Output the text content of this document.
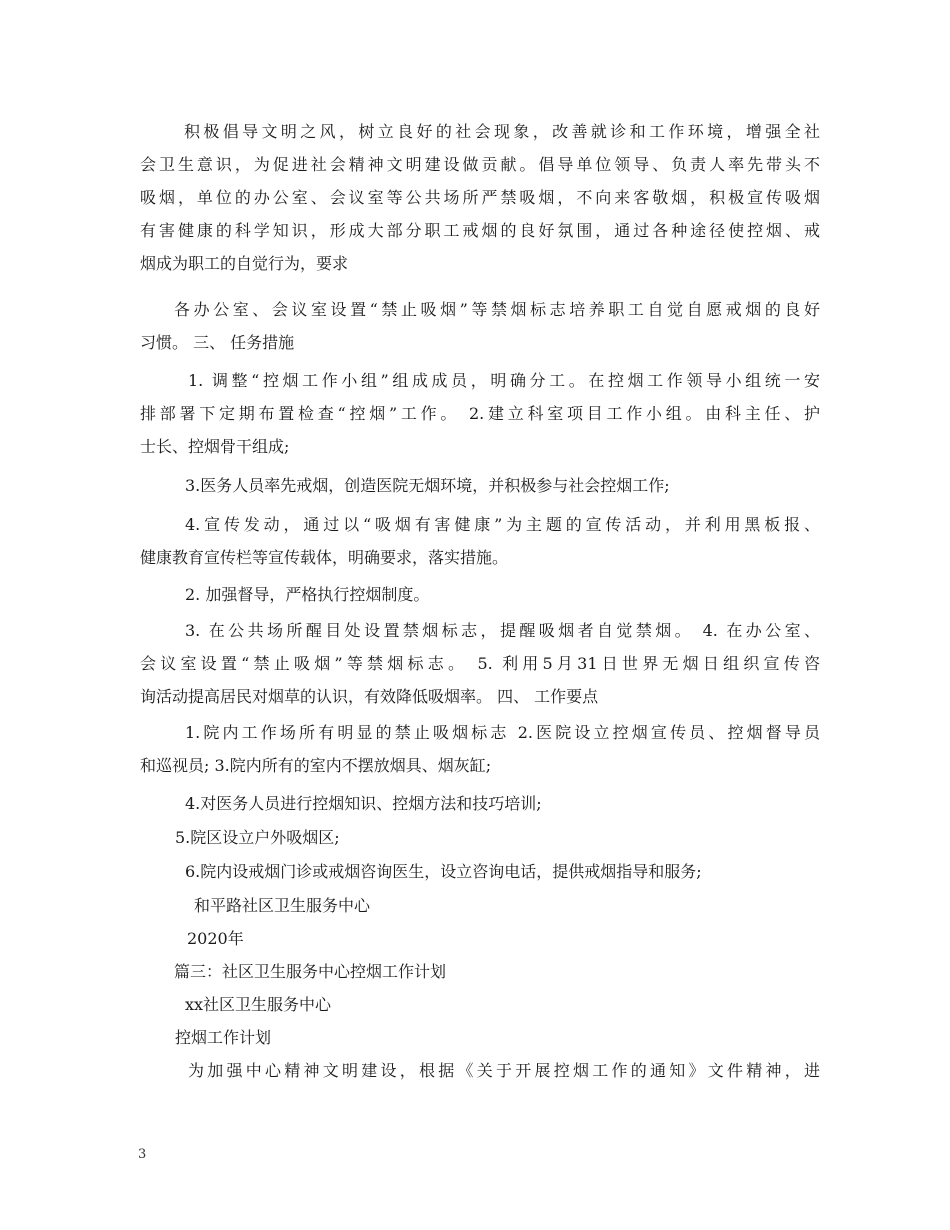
积极倡导文明之风，树立良好的社会现象，改善就诊和工作环境，增强全社
会卫生意识，为促进社会精神文明建设做贡献。倡导单位领导、负责人率先带头不
吸烟，单位的办公室、会议室等公共场所严禁吸烟，不向来客敬烟，积极宣传吸烟
有害健康的科学知识，形成大部分职工戒烟的良好氛围，通过各种途径使控烟、戒
烟成为职工的自觉行为，要求
各办公室、会议室设置“禁止吸烟”等禁烟标志培养职工自觉自愿戒烟的良好
习惯。 三、 任务措施
1. 调整“控烟工作小组”组成成员，明确分工。在控烟工作领导小组统一安
排部署下定期布置检查“控烟”工作。 2.建立科室项目工作小组。由科主任、护
士长、控烟骨干组成;
3.医务人员率先戒烟，创造医院无烟环境，并积极参与社会控烟工作;
4.宣传发动，通过以“吸烟有害健康”为主题的宣传活动，并利用黑板报、
健康教育宣传栏等宣传载体，明确要求，落实措施。
2. 加强督导，严格执行控烟制度。
3. 在公共场所醒目处设置禁烟标志，提醒吸烟者自觉禁烟。 4. 在办公室、
会议室设置“禁止吸烟”等禁烟标志。 5. 利用5月31日世界无烟日组织宣传咨
询活动提高居民对烟草的认识，有效降低吸烟率。 四、 工作要点
1.院内工作场所有明显的禁止吸烟标志 2.医院设立控烟宣传员、控烟督导员
和巡视员; 3.院内所有的室内不摆放烟具、烟灰缸;
4.对医务人员进行控烟知识、控烟方法和技巧培训;
5.院区设立户外吸烟区;
6.院内设戒烟门诊或戒烟咨询医生，设立咨询电话，提供戒烟指导和服务;
和平路社区卫生服务中心
2020年
篇三：社区卫生服务中心控烟工作计划
xx社区卫生服务中心
控烟工作计划
为加强中心精神文明建设，根据《关于开展控烟工作的通知》文件精神，进
3
